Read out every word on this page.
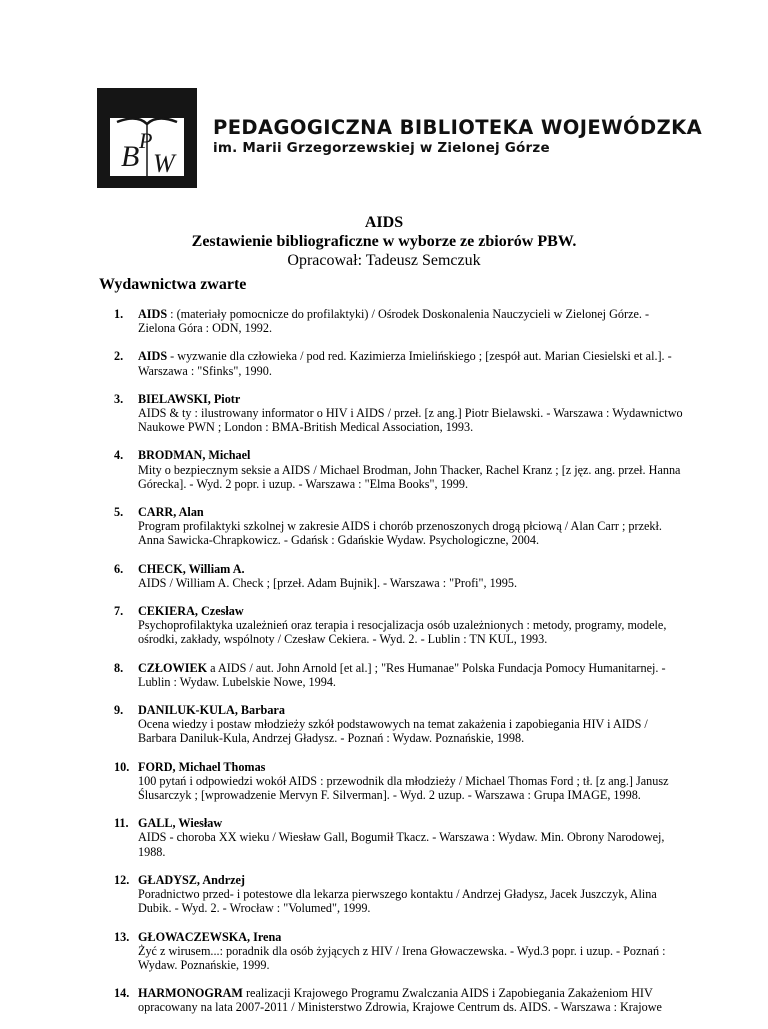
B P
W
PEDAGOGICZNA BIBLIOTEKA WOJEWÓDZKA
im. Marii Grzegorzewskiej w Zielonej Górze
AIDS
Zestawienie bibliograficzne w wyborze ze zbiorów PBW.
Opracował: Tadeusz Semczuk
Wydawnictwa zwarte
1. AIDS : (materiały pomocnicze do profilaktyki) / Ośrodek Doskonalenia Nauczycieli w Zielonej Górze. - Zielona Góra : ODN, 1992.
2. AIDS - wyzwanie dla człowieka / pod red. Kazimierza Imielińskiego ; [zespół aut. Marian Ciesielski et al.]. - Warszawa : "Sfinks", 1990.
3. BIELAWSKI, Piotr
AIDS & ty : ilustrowany informator o HIV i AIDS / przeł. [z ang.] Piotr Bielawski. - Warszawa : Wydawnictwo Naukowe PWN ; London : BMA-British Medical Association, 1993.
4. BRODMAN, Michael
Mity o bezpiecznym seksie a AIDS / Michael Brodman, John Thacker, Rachel Kranz ; [z jęz. ang. przeł. Hanna Górecka]. - Wyd. 2 popr. i uzup. - Warszawa : "Elma Books", 1999.
5. CARR, Alan
Program profilaktyki szkolnej w zakresie AIDS i chorób przenoszonych drogą płciową / Alan Carr ; przekł. Anna Sawicka-Chrapkowicz. - Gdańsk : Gdańskie Wydaw. Psychologiczne, 2004.
6. CHECK, William A.
AIDS / William A. Check ; [przeł. Adam Bujnik]. - Warszawa : "Profi", 1995.
7. CEKIERA, Czesław
Psychoprofilaktyka uzależnień oraz terapia i resocjalizacja osób uzależnionych : metody, programy, modele, ośrodki, zakłady, wspólnoty / Czesław Cekiera. - Wyd. 2. - Lublin : TN KUL, 1993.
8. CZŁOWIEK a AIDS / aut. John Arnold [et al.] ; "Res Humanae" Polska Fundacja Pomocy Humanitarnej. - Lublin : Wydaw. Lubelskie Nowe, 1994.
9. DANILUK-KULA, Barbara
Ocena wiedzy i postaw młodzieży szkół podstawowych na temat zakażenia i zapobiegania HIV i AIDS / Barbara Daniluk-Kula, Andrzej Gładysz. - Poznań : Wydaw. Poznańskie, 1998.
10. FORD, Michael Thomas
100 pytań i odpowiedzi wokół AIDS : przewodnik dla młodzieży / Michael Thomas Ford ; tł. [z ang.] Janusz Ślusarczyk ; [wprowadzenie Mervyn F. Silverman]. - Wyd. 2 uzup. - Warszawa : Grupa IMAGE, 1998.
11. GALL, Wiesław
AIDS - choroba XX wieku / Wiesław Gall, Bogumił Tkacz. - Warszawa : Wydaw. Min. Obrony Narodowej, 1988.
12. GŁADYSZ, Andrzej
Poradnictwo przed- i potestowe dla lekarza pierwszego kontaktu / Andrzej Gładysz, Jacek Juszczyk, Alina Dubik. - Wyd. 2. - Wrocław : "Volumed", 1999.
13. GŁOWACZEWSKA, Irena
Żyć z wirusem...: poradnik dla osób żyjących z HIV / Irena Głowaczewska. - Wyd.3 popr. i uzup. - Poznań : Wydaw. Poznańskie, 1999.
14. HARMONOGRAM realizacji Krajowego Programu Zwalczania AIDS i Zapobiegania Zakażeniom HIV opracowany na lata 2007-2011 / Ministerstwo Zdrowia, Krajowe Centrum ds. AIDS. - Warszawa : Krajowe
